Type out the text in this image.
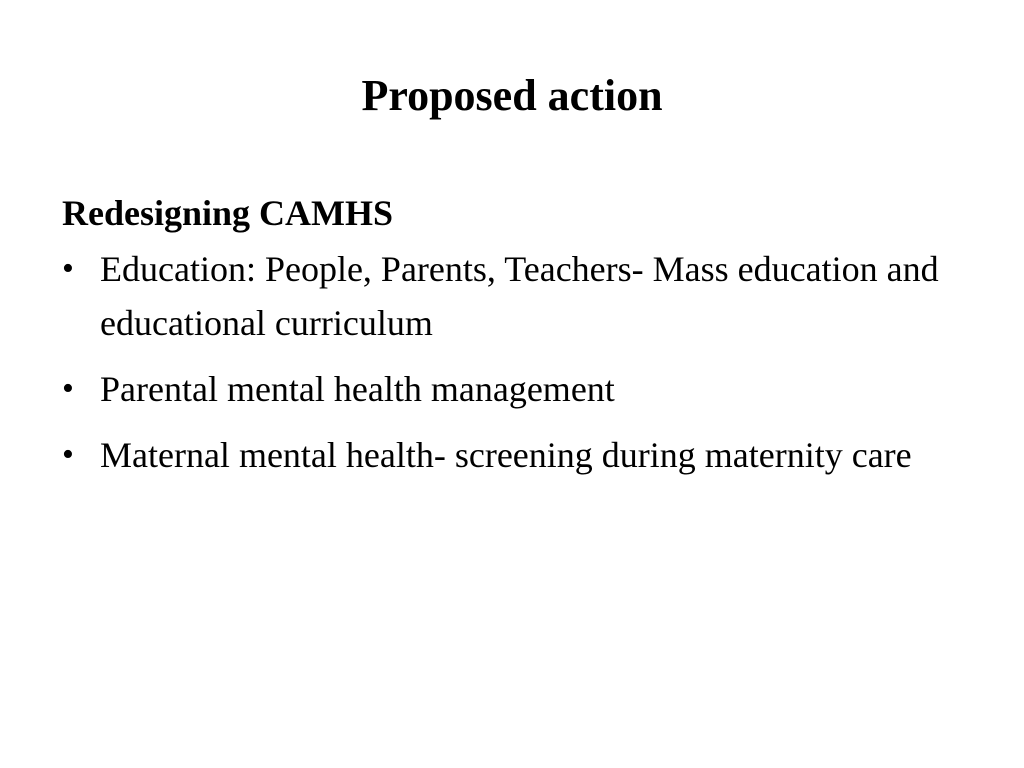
Proposed action
Redesigning CAMHS
• Education: People, Parents, Teachers- Mass education and educational curriculum
• Parental mental health management
• Maternal mental health- screening during maternity care
